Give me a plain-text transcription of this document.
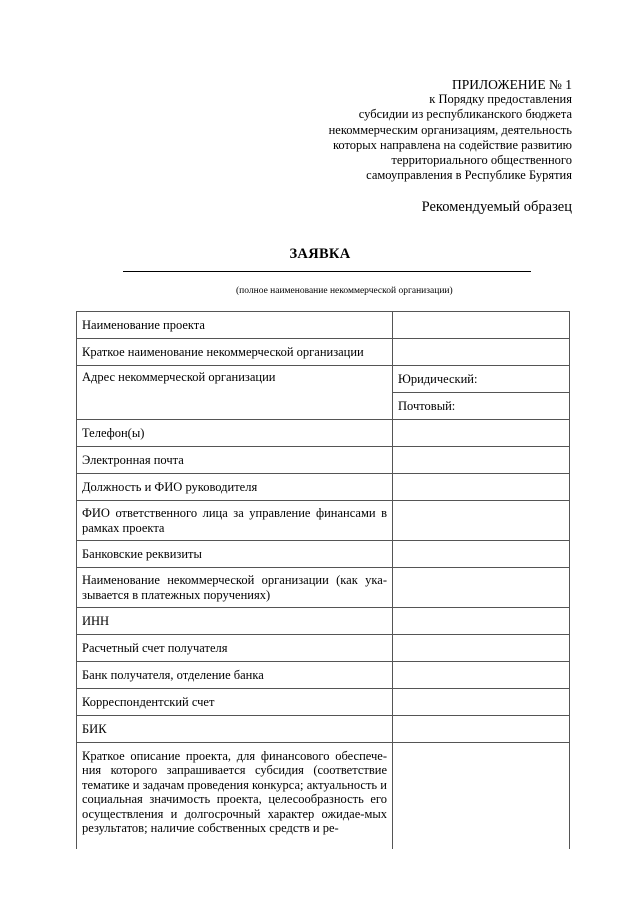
ПРИЛОЖЕНИЕ № 1
к Порядку предоставления
субсидии из республиканского бюджета
некоммерческим организациям, деятельность
которых направлена на содействие развитию
территориального общественного
самоуправления в Республике Бурятия
Рекомендуемый образец
ЗАЯВКА
(полное наименование некоммерческой организации)
Наименование проекта	
Краткое наименование некоммерческой организации	
Адрес некоммерческой организации	Юридический:
	Почтовый:
Телефон(ы)	
Электронная почта	
Должность и ФИО руководителя	
ФИО ответственного лица за управление финансами в рамках проекта	
Банковские реквизиты	
Наименование некоммерческой организации (как ука-зывается в платежных поручениях)	
ИНН	
Расчетный счет получателя	
Банк получателя, отделение банка	
Корреспондентский счет	
БИК	

Краткое описание проекта, для финансового обеспече-ния которого запрашивается субсидия (соответствие тематике и задачам проведения конкурса; актуальность и социальная значимость проекта, целесообразность его осуществления и долгосрочный характер ожидае-мых результатов; наличие собственных средств и ре-	
